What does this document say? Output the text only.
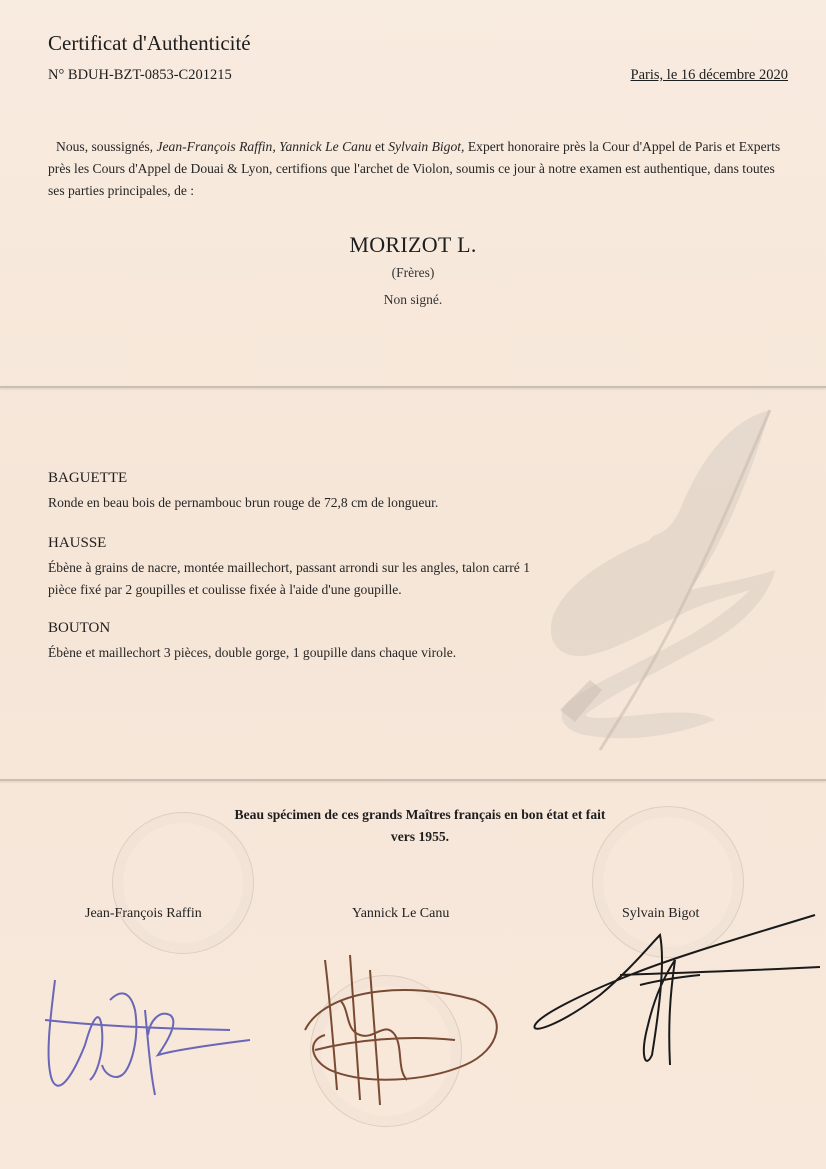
Certificat d'Authenticité
N° BDUH-BZT-0853-C201215	Paris, le 16 décembre 2020

Nous, soussignés, Jean-François Raffin, Yannick Le Canu et Sylvain Bigot, Expert honoraire près la Cour d'Appel de Paris et Experts près les Cours d'Appel de Douai & Lyon, certifions que l'archet de Violon, soumis ce jour à notre examen est authentique, dans toutes ses parties principales, de :

MORIZOT L.
(Frères)
Non signé.
BAGUETTE
Ronde en beau bois de pernambouc brun rouge de 72,8 cm de longueur.
HAUSSE
Ébène à grains de nacre, montée maillechort, passant arrondi sur les angles, talon carré 1 pièce fixé par 2 goupilles et coulisse fixée à l'aide d'une goupille.
BOUTON
Ébène et maillechort 3 pièces, double gorge, 1 goupille dans chaque virole.
Beau spécimen de ces grands Maîtres français en bon état et fait
vers 1955.
Jean-François Raffin	Yannick Le Canu	Sylvain Bigot
